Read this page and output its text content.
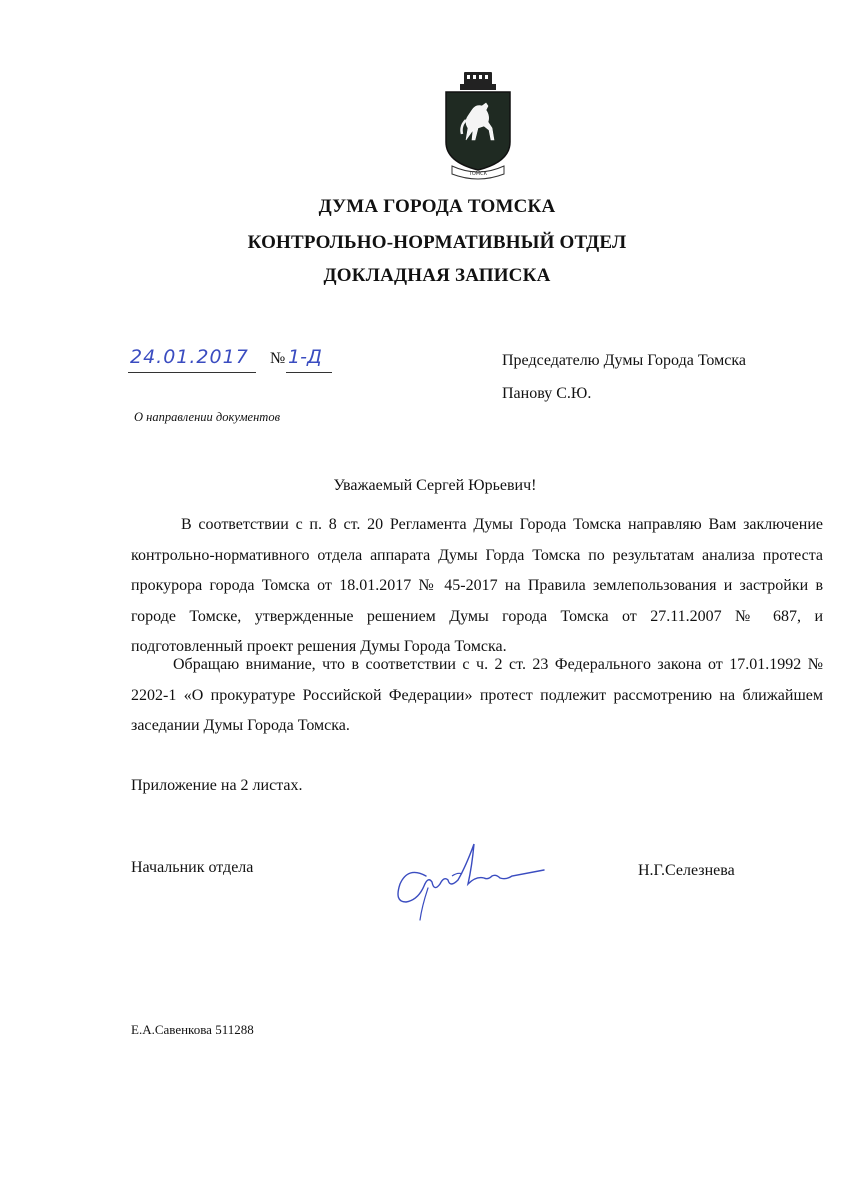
ТОМСК
ДУМА ГОРОДА ТОМСКА
КОНТРОЛЬНО-НОРМАТИВНЫЙ ОТДЕЛ
ДОКЛАДНАЯ ЗАПИСКА
24.01.2017 № 1-Д	Председателю Думы Города Томска
Панову С.Ю.
О направлении документов
Уважаемый Сергей Юрьевич!
В соответствии с п. 8 ст. 20 Регламента Думы Города Томска направляю Вам заключение контрольно-нормативного отдела аппарата Думы Горда Томска по результатам анализа протеста прокурора города Томска от 18.01.2017 № 45-2017 на Правила землепользования и застройки в городе Томске, утвержденные решением Думы города Томска от 27.11.2007 № 687, и подготовленный проект решения Думы Города Томска.
Обращаю внимание, что в соответствии с ч. 2 ст. 23 Федерального закона от 17.01.1992 № 2202-1 «О прокуратуре Российской Федерации» протест подлежит рассмотрению на ближайшем заседании Думы Города Томска.
Приложение на 2 листах.
Начальник отдела	Н.Г.Селезнева
Е.А.Савенкова 511288
